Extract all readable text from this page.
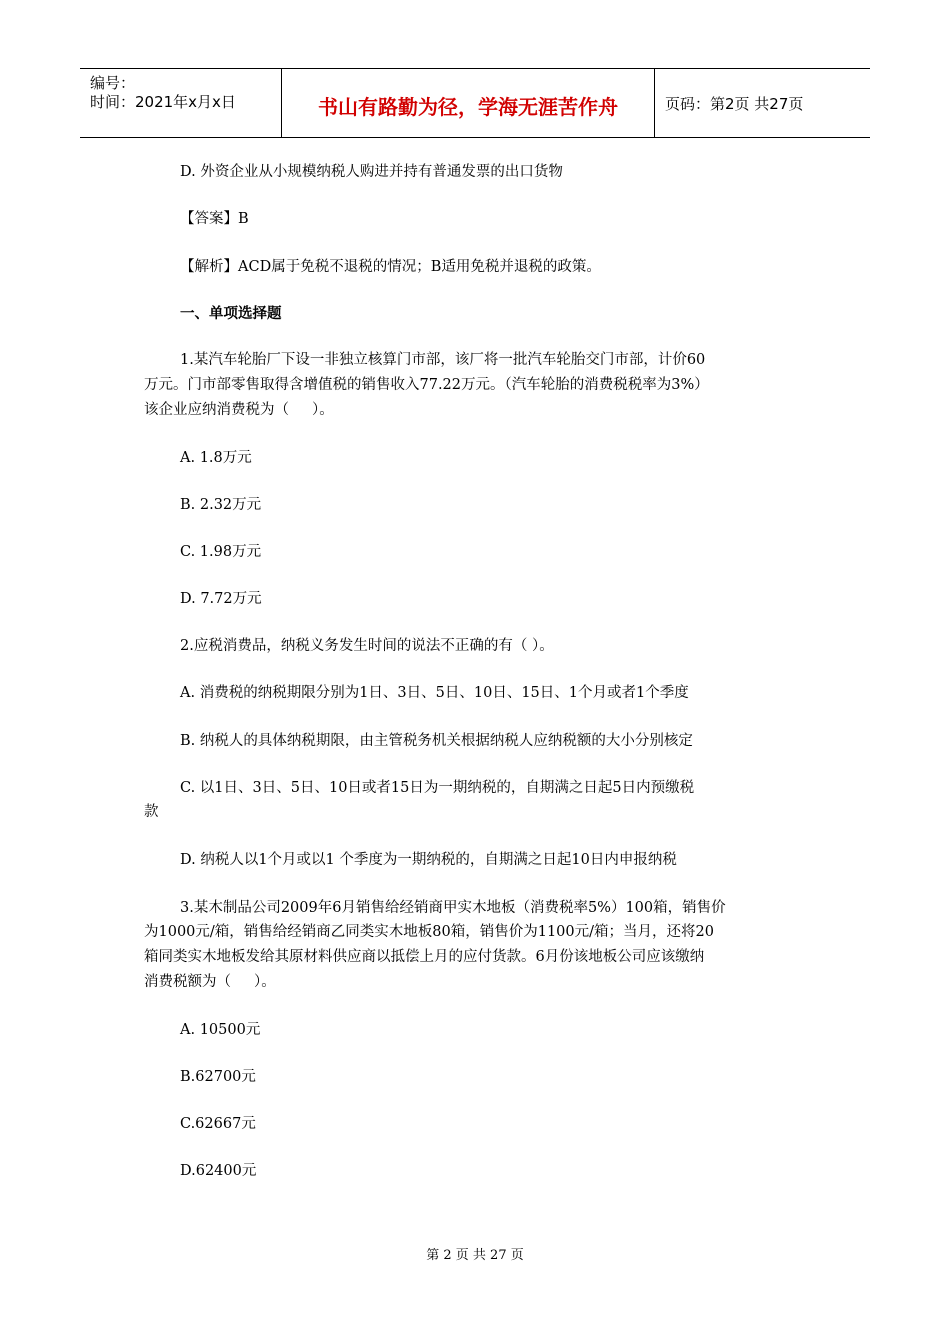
编号：
时间：2021年x月x日	书山有路勤为径，学海无涯苦作舟	页码：第2页 共27页
D. 外资企业从小规模纳税人购进并持有普通发票的出口货物
【答案】B
【解析】ACD属于免税不退税的情况；B适用免税并退税的政策。
一、单项选择题
1.某汽车轮胎厂下设一非独立核算门市部，该厂将一批汽车轮胎交门市部，计价60
万元。门市部零售取得含增值税的销售收入77.22万元。（汽车轮胎的消费税税率为3%）
该企业应纳消费税为（     ）。
A. 1.8万元
B. 2.32万元
C. 1.98万元
D. 7.72万元
2.应税消费品，纳税义务发生时间的说法不正确的有（ ）。
A. 消费税的纳税期限分别为1日、3日、5日、10日、15日、1个月或者1个季度
B. 纳税人的具体纳税期限，由主管税务机关根据纳税人应纳税额的大小分别核定
C. 以1日、3日、5日、10日或者15日为一期纳税的，自期满之日起5日内预缴税
款
D. 纳税人以1个月或以1 个季度为一期纳税的，自期满之日起10日内申报纳税
3.某木制品公司2009年6月销售给经销商甲实木地板（消费税率5%）100箱，销售价
为1000元/箱，销售给经销商乙同类实木地板80箱，销售价为1100元/箱；当月，还将20
箱同类实木地板发给其原材料供应商以抵偿上月的应付货款。6月份该地板公司应该缴纳
消费税额为（     ）。
A. 10500元
B.62700元
C.62667元
D.62400元
第 2 页 共 27 页
